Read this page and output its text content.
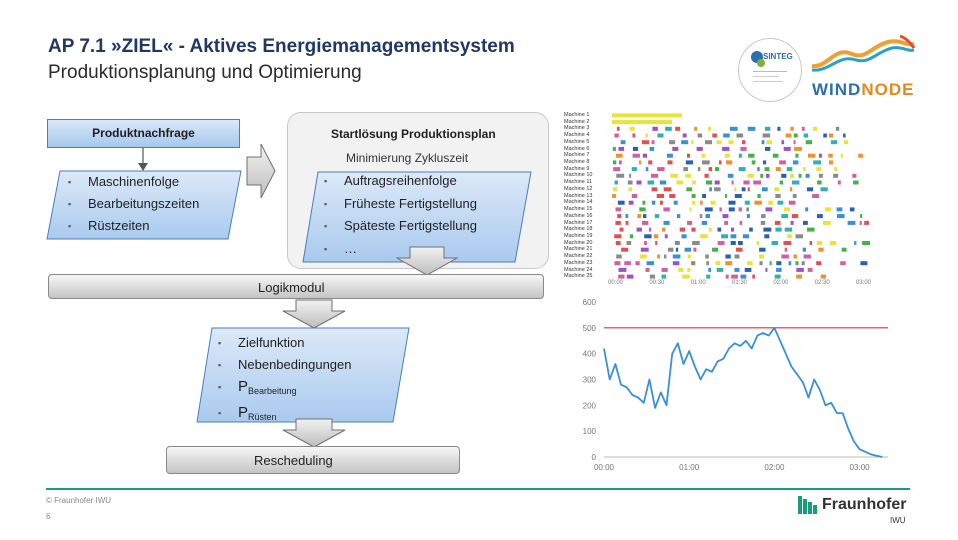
AP 7.1 »ZIEL« - Aktives Energiemanagementsystem
Produktionsplanung und Optimierung
SINTEG
WINDNODE
Produktnachfrage
▪ Maschinenfolge
▪ Bearbeitungszeiten
▪ Rüstzeiten
Startlösung Produktionsplan
Minimierung Zykluszeit
▪ Auftragsreihenfolge
▪ Früheste Fertigstellung
▪ Späteste Fertigstellung
▪ …
Logikmodul
▪ Zielfunktion
▪ Nebenbedingungen
▪ $P_{Bearbeitung}$
▪ $P_{Rüsten}$
Rescheduling
Machine 1
Machine 2
Machine 3
Machine 4
Machine 5
Machine 6
Machine 7
Machine 8
Machine 9
Machine 10
Machine 11
Machine 12
Machine 13
Machine 14
Machine 15
Machine 16
Machine 17
Machine 18
Machine 19
Machine 20
Machine 21
Machine 22
Machine 23
Machine 24
Machine 25
00:00	00:30	01:00	01:30	02:00	02:30	03:00
0
100
200
300
400
500
600
00:00	01:00	02:00	03:00
© Fraunhofer IWU
6
Fraunhofer
IWU
